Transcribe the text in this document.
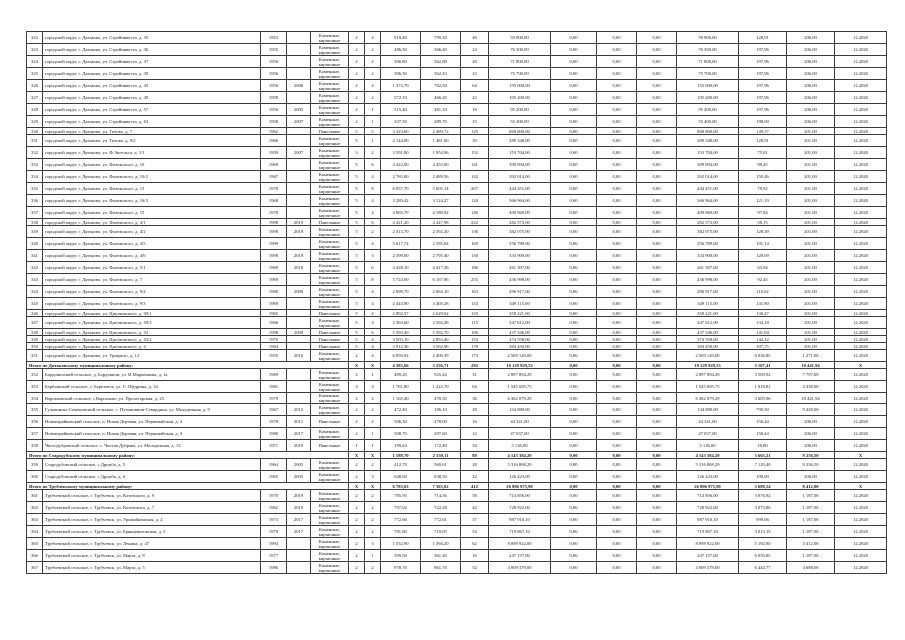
322	городской округ, г. Дятьково, ул. Стройинвеста, д. 35	1953		Каменные, кирпичные	2	4	918,40	799,30	40	59 900,00	0,00	0,00	0,00	59 900,00	128,91	206,00	12.2020
323	городской округ, г. Дятьково, ул. Стройинвеста, д. 36	1955		Каменные, кирпичные	2	2	486,50	366,40	24	76 300,00	0,00	0,00	0,00	76 300,00	197,96	206,00	12.2020
324	городской округ, г. Дятьково, ул. Стройинвеста, д. 37	1956		Каменные, кирпичные	2	2	396,80	362,80	20	71 800,00	0,00	0,00	0,00	71 800,00	197,96	206,00	12.2020
325	городской округ, г. Дятьково, ул. Стройинвеста, д. 39	1956		Каменные, кирпичные	2	2	396,30	362,43	23	75 700,00	0,00	0,00	0,00	75 700,00	197,96	206,00	12.2020
326	городской округ, г. Дятьково, ул. Стройинвеста, д. 45	1956	2006	Каменные, кирпичные	2	4	1 372,70	782,50	64	155 000,00	0,00	0,00	0,00	155 000,00	197,96	206,00	12.2020
327	городской округ, г. Дятьково, ул. Стройинвеста, д. 49	1959		Каменные, кирпичные	2	2	572,10	466,20	22	105 200,00	0,00	0,00	0,00	105 200,00	197,96	206,00	12.2020
328	городской округ, г. Дятьково, ул. Стройинвеста, д. 57	1956	2005	Каменные, кирпичные	2	1	515,40	481,10	18	95 200,00	0,00	0,00	0,00	95 200,00	197,96	206,00	12.2020
329	городской округ, г. Дятьково, ул. Стройинвеста, д. 63	1958	2007	Каменные, кирпичные	2	1	337,50	289,70	15	55 400,00	0,00	0,00	0,00	55 400,00	198,00	206,00	12.2020
330	городской округ, г. Дятьково, ул. Титова, д. 7	1962		Панельные	5	5	3 323,60	2 489,72	125	868 800,00	0,00	0,00	0,00	868 800,00	149,57	201,00	12.2020
331	городской округ, г. Дятьково, ул. Титова, д. 9/2	1966		Каменные, кирпичные	5	1	2 144,00	1 481,60	39	289 348,00	0,00	0,00	0,00	289 348,00	128,91	201,00	12.2020
332	городской округ, г. Дятьково, ул. Ф.Энгельса, д. 1/1	1959	2007	Каменные, кирпичные	3	2	3 591,80	1 954,96	152	153 704,00	0,00	0,00	0,00	153 704,00	75,01	201,00	12.2020
333	городской округ, г. Дятьково, ул. Фалежского, д. 10	1969		Каменные, кирпичные	5	6	4 422,00	4 455,00	141	399 894,00	0,00	0,00	0,00	399 894,00	98,45	201,00	12.2020
334	городской округ, г. Дятьково, ул. Фалежского, д. 10/2	1967		Каменные, кирпичные	5	4	2 765,00	2 489,56	142	392 014,00	0,00	0,00	0,00	392 014,00	150,46	201,00	12.2020
335	городской округ, г. Дятьково, ул. Фалежского, д. 13	1970		Каменные, кирпичные	5	8	6 057,70	5 605,14	267	444 451,00	0,00	0,00	0,00	444 451,00	78,92	201,00	12.2020
336	городской округ, г. Дятьково, ул. Фалежского, д. 16/3	1968		Каменные, кирпичные	5	4	3 289,42	3 124,27	120	366 964,00	0,00	0,00	0,00	366 964,00	121,19	201,00	12.2020
337	городской округ, г. Дятьково, ул. Фалежского, д. 15	1970		Каменные, кирпичные	5	4	4 965,79	4 188,92	146	409 869,00	0,00	0,00	0,00	409 869,00	97,84	201,00	12.2020
338	городской округ, г. Дятьково, ул. Фалежского, д. 4/1	1998	2019	Панельные	5	6	4 421,20	4 447,98	222	282 573,00	0,00	0,00	0,00	282 573,00	58,15	201,00	12.2020
339	городской округ, г. Дятьково, ул. Фалежского, д. 4/2	1998	2018	Каменные, кирпичные	5	2	2 313,70	2 392,20	136	382 075,00	0,00	0,00	0,00	382 075,00	128,39	201,00	12.2020
340	городской округ, г. Дятьково, ул. Фалежского, д. 4/5	1999		Каменные, кирпичные	5	4	5 617,74	2 395,64	160	556 789,00	0,00	0,00	0,00	556 789,00	191,14	201,00	12.2020
341	городской округ, г. Дятьково, ул. Фалежского, д. 4/6	1998	2018	Каменные, кирпичные	5	3	2 399,00	2 795,40	130	333 900,00	0,00	0,00	0,00	333 900,00	128,69	201,00	12.2020
342	городской округ, г. Дятьково, ул. Фалежского, д. 5/1	1969	2018	Каменные, кирпичные	5	6	4 428,10	4 417,36	186	261 307,00	0,00	0,00	0,00	261 307,00	63,94	201,00	12.2020
343	городской округ, г. Дятьково, ул. Фалежского, д. 7	1969		Каменные, кирпичные	5	8	5 724,00	6 167,96	255	436 998,00	0,00	0,00	0,00	436 998,00	92,45	201,00	12.2020
344	городской округ, г. Дятьково, ул. Фалежского, д. 9/2	1980	2008	Каменные, кирпичные	5	4	2 699,70	2 064,10	163	296 917,00	0,00	0,00	0,00	296 917,00	110,62	201,00	12.2020
345	городской округ, г. Дятьково, ул. Фалежского, д. 9/3	1969		Каменные, кирпичные	5	4	2 443,90	3 405,28	133	349 115,00	0,00	0,00	0,00	349 115,00	141,80	201,00	12.2020
346	городской округ, г. Дятьково, ул. Циолковского, д. 39/1	1965		Панельные	5	4	2 892,57	2 629,02	133	358 221,00	0,00	0,00	0,00	358 221,00	136,47	201,00	12.2020
347	городской округ, г. Дятьково, ул. Циолковского, д. 39/3	1966		Каменные, кирпичные	5	3	2 363,60	2 592,28	115	347 612,00	0,00	0,00	0,00	347 612,00	134,18	201,00	12.2020
348	городской округ, г. Дятьково, ул. Циолковского, д. 33	1998	2008	Панельные	5	6	5 393,40	5 392,70	186	437 346,00	0,00	0,00	0,00	437 346,00	141,04	201,00	12.2020
349	городской округ, г. Дятьково, ул. Циолковского, д. 43/2	1970		Панельные	5	4	3 503,10	2 853,40	153	374 558,00	0,00	0,00	0,00	374 558,00	142,12	201,00	12.2020
350	городской округ, г. Дятьково, ул. Циолковского, д. 4	1964		Панельные	5	4	3 912,36	3 562,96	178	384 450,00	0,00	0,00	0,00	384 450,00	107,75	201,00	12.2020
351	городской округ, г. Дятьково, ул. Урицкого, д. 12	1955	2016	Каменные, кирпичные	2	4	6 859,92	2 400,39	173	2 569 120,00	0,00	0,00	0,00	2 569 120,00	8 036,85	1 271,00	12.2020
Итого по Дятьковскому муниципальному району:					X	X	4 383,66	3 256,71	292	10 129 929,53	0,00	0,00	0,00	10 129 929,53	3 107,41	10 441,94	X
352	Бордовичский сельское, д. Бордовичи, ул. И.Марченкова, д. 1а	1969		Каменные, кирпичные	2	1	489,20	925,44	31	2 897 894,29	0,00	0,00	0,00	2 897 894,29	3 569,92	7 797,69	12.2020
353	Берёзовский сельское, с. Березовск, ул. С. Щедрина, д. 34	1981		Каменные, кирпичные	3	3	1 761,80	1 222,70	64	1 545 695,75	0,00	0,00	0,00	1 545 695,75	1 918,81	4 438,00	12.2020
354	Варгановский сельское, с.Варганово, ул. Пролетарская, д. 25	1979		Каменные, кирпичные	2	2	1 165,40	470,50	36	6 362 079,29	0,00	0,00	0,00	6 362 079,29	3 605,96	10 441,94	12.2020
355	Гулькинско-Семеновский сельское, с. Пузыковичи-Ствирдина, ул. Молодежная, д. 9	1967	2015	Каменные, кирпичные	2	2	472,40	196,10	28	134 880,00	0,00	0,00	0,00	134 880,00	790,30	9 428,00	12.2020
356	Новоизрайковский сельское, п. Новая Деревня, ул. Первомайская, д. 4	1978	2011	Панельные	2	2	506,30	278,00	16	44 341,00	0,00	0,00	0,00	44 341,00	156,44	206,00	12.2020
357	Новоизрайковский сельское, п. Новая Деревня, ул. Первомайская, д. 3	1980	2017	Каменные, кирпичные	2	1	308,70	297,60	12	47 037,00	0,00	0,00	0,00	47 037,00	156,44	206,00	12.2020
358	Чистодубровский сельское, с. Чистая Дубрава, ул. Молодежная, д. 13	1971	2019	Панельные	1	1	199,64	172,40	34	5 136,00	0,00	0,00	0,00	5 136,00	18,80	206,00	12.2020
Итого по Стародубскому муниципальному району:					X	X	1 189,70	2 150,11	89	4 143 384,29	0,00	0,00	0,00	4 143 384,29	3 665,21	9 256,50	X
359	Стародубовский сельское, с.Дружба, д. 5	1964	2005	Каменные, кирпичные	2	2	412,70	569,61	28	5 316 868,29	0,00	0,00	0,00	5 316 868,29	7 129,40	9 256,50	12.2020
360	Стародубовский сельское, с.Дружба, д. 6	1965	2005	Каменные, кирпичные	2	3	648,60	638,50	22	126 423,00	0,00	0,00	0,00	126 423,00	198,00	206,00	12.2020
Итого по Трубчевскому муниципальному району:					X	X	6 783,63	7 363,02	412	26 806 975,90	0,00	0,00	0,00	26 806 975,90	3 608,54	8 412,00	X
361	Трубчевский сельское, г. Трубчевск, ул. Котовского, д. 9	1970	2019	Каменные, кирпичные	2	2	785,95	714,56	58	714 856,00	0,00	0,00	0,00	714 856,00	3 076,92	1 187,00	12.2020
362	Трубчевский сельское, г. Трубчевск, ул. Котовского, д. 7	1962	2019	Каменные, кирпичные	2	2	797,02	722,28	42	728 922,00	0,00	0,00	0,00	728 922,00	3 073,86	1 187,00	12.2020
363	Трубчевский сельское, г. Трубчевск, ул. Урожайненская, д. 2	1973	2017	Каменные, кирпичные	2	2	772,66	772,61	37	987 910,10	0,00	0,00	0,00	987 910,10	999,66	1 187,00	12.2020
364	Трубчевский сельское, г. Трубчевск, ул. Брянцевиговская, д. 5	1979	2017	Каменные, кирпичные	2	2	781,60	710,05	54	719 867,10	0,00	0,00	0,00	719 867,10	3 013,19	1 187,00	12.2020
365	Трубчевский сельское, г. Трубчевск, ул. Ленина, д. 47	1993		Каменные, кирпичные	2	3	1 552,90	1 394,20	62	8 098 922,00	0,00	0,00	0,00	8 098 922,00	5 192,80	3 412,00	12.2020
366	Трубчевский сельское, г. Трубчевск, ул. Марта, д. 8	1977		Каменные, кирпичные	2	1	399,50	361,40	16	247 157,00	0,00	0,00	0,00	247 157,00	6 059,85	1 187,00	12.2020
367	Трубчевский сельское, г. Трубчевск, ул. Марта, д. 5	1986		Каменные, кирпичные	2	2	978,70	861,70	52	4 009 379,00	0,00	0,00	0,00	4 009 379,00	6 444,77	4 688,00	12.2020
